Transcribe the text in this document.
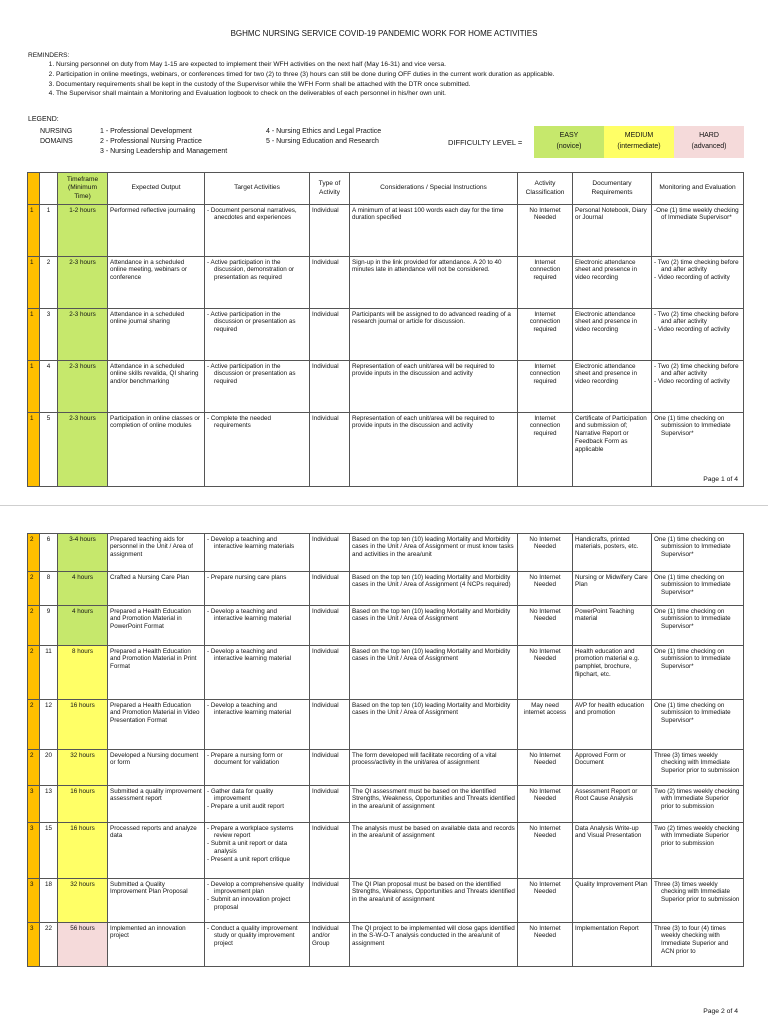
BGHMC NURSING SERVICE COVID-19 PANDEMIC WORK FOR HOME ACTIVITIES
REMINDERS:
1. Nursing personnel on duty from May 1-15 are expected to implement their WFH activities on the next half (May 16-31) and vice versa.
2. Participation in online meetings, webinars, or conferences timed for two (2) to three (3) hours can still be done during OFF duties in the current work duration as applicable.
3. Documentary requirements shall be kept in the custody of the Supervisor while the WFH Form shall be attached with the DTR once submitted.
4. The Supervisor shall maintain a Monitoring and Evaluation logbook to check on the deliverables of each personnel in his/her own unit.
LEGEND:
NURSING
DOMAINS
1 - Professional Development
2 - Professional Nursing Practice
3 - Nursing Leadership and Management
4 - Nursing Ethics and Legal Practice
5 - Nursing Education and Research	DIFFICULTY LEVEL =
EASY
(novice)
MEDIUM
(intermediate)
HARD
(advanced)
		Timeframe (Minimum Time)	Expected Output	Target Activities	Type of Activity	Considerations / Special Instructions	Activity Classification	Documentary Requirements	Monitoring and Evaluation
1	1	1-2 hours	Performed reflective journaling	- Document personal narratives, anecdotes and experiences	Individual	A minimum of at least 100 words each day for the time duration specified	No Internet Needed	Personal Notebook, Diary or Journal	-One (1) time weekly checking of Immediate Supervisor*

1	2	2-3 hours	Attendance in a scheduled online meeting, webinars or conference	- Active participation in the discussion, demonstration or presentation as required	Individual	Sign-up in the link provided for attendance. A 20 to 40 minutes late in attendance will not be considered.	Internet connection required	Electronic attendance sheet and presence in video recording	- Two (2) time checking before and after activity
- Video recording of activity

1	3	2-3 hours	Attendance in a scheduled online journal sharing	- Active participation in the discussion or presentation as required	Individual	Participants will be assigned to do advanced reading of a research journal or article for discussion.	Internet connection required	Electronic attendance sheet and presence in video recording	- Two (2) time checking before and after activity
- Video recording of activity

1	4	2-3 hours	Attendance in a scheduled online skills revalida, QI sharing and/or benchmarking	- Active participation in the discussion or presentation as required	Individual	Representation of each unit/area will be required to provide inputs in the discussion and activity	Internet connection required	Electronic attendance sheet and presence in video recording	- Two (2) time checking before and after activity
- Video recording of activity

1	5	2-3 hours	Participation in online classes or completion of online modules	- Complete the needed requirements	Individual	Representation of each unit/area will be required to provide inputs in the discussion and activity	Internet connection required	Certificate of Participation and submission of; Narrative Report or Feedback Form as applicable	One (1) time checking on submission to Immediate Supervisor*
Page 1 of 4
2	6	3-4 hours	Prepared teaching aids for personnel in the Unit / Area of assignment	- Develop a teaching and interactive learning materials	Individual	Based on the top ten (10) leading Mortality and Morbidity cases in the Unit / Area of Assignment or must know tasks and activities in the area/unit	No Internet Needed	Handicrafts, printed materials, posters, etc.	One (1) time checking on submission to Immediate Supervisor*

2	8	4 hours	Crafted a Nursing Care Plan	- Prepare nursing care plans	Individual	Based on the top ten (10) leading Mortality and Morbidity cases in the Unit / Area of Assignment (4 NCPs required)	No Internet Needed	Nursing or Midwifery Care Plan	One (1) time checking on submission to Immediate Supervisor*

2	9	4 hours	Prepared a Health Education and Promotion Material in PowerPoint Format	- Develop a teaching and interactive learning material	Individual	Based on the top ten (10) leading Mortality and Morbidity cases in the Unit / Area of Assignment	No Internet Needed	PowerPoint Teaching material	One (1) time checking on submission to Immediate Supervisor*

2	11	8 hours	Prepared a Health Education and Promotion Material in Print Format	- Develop a teaching and interactive learning material	Individual	Based on the top ten (10) leading Mortality and Morbidity cases in the Unit / Area of Assignment	No Internet Needed	Health education and promotion material e.g. pamphlet, brochure, flipchart, etc.	One (1) time checking on submission to Immediate Supervisor*

2	12	16 hours	Prepared a Health Education and Promotion Material in Video Presentation Format	- Develop a teaching and interactive learning material	Individual	Based on the top ten (10) leading Mortality and Morbidity cases in the Unit / Area of Assignment	May need internet access	AVP for health education and promotion	One (1) time checking on submission to Immediate Supervisor*

2	20	32 hours	Developed a Nursing document or form	- Prepare a nursing form or document for validation	Individual	The form developed will facilitate recording of a vital process/activity in the unit/area of assignment	No Internet Needed	Approved Form or Document	Three (3) times weekly checking with Immediate Superior prior to submission

3	13	16 hours	Submitted a quality improvement assessment report	- Gather data for quality improvement
- Prepare a unit audit report	Individual	The QI assessment must be based on the identified Strengths, Weakness, Opportunities and Threats identified in the area/unit of assignment	No Internet Needed	Assessment Report or Root Cause Analysis	Two (2) times weekly checking with Immediate Superior prior to submission

3	15	16 hours	Processed reports and analyze data	- Prepare a workplace systems review report
- Submit a unit report or data analysis
- Present a unit report critique	Individual	The analysis must be based on available data and records in the area/unit of assignment	No Internet Needed	Data Analysis Write-up and Visual Presentation	Two (2) times weekly checking with Immediate Superior prior to submission

3	18	32 hours	Submitted a Quality Improvement Plan Proposal	- Develop a comprehensive quality improvement plan
- Submit an innovation project proposal	Individual	The QI Plan proposal must be based on the identified Strengths, Weakness, Opportunities and Threats identified in the area/unit of assignment	No Internet Needed	Quality Improvement Plan	Three (3) times weekly checking with Immediate Superior prior to submission

3	22	56 hours	Implemented an innovation project	- Conduct a quality improvement study or quality improvement project	Individual and/or Group	The QI project to be implemented will close gaps identified in the S-W-O-T analysis conducted in the area/unit of assignment	No Internet Needed	Implementation Report	Three (3) to four (4) times weekly checking with Immediate Superior and ACN prior to
Page 2 of 4
